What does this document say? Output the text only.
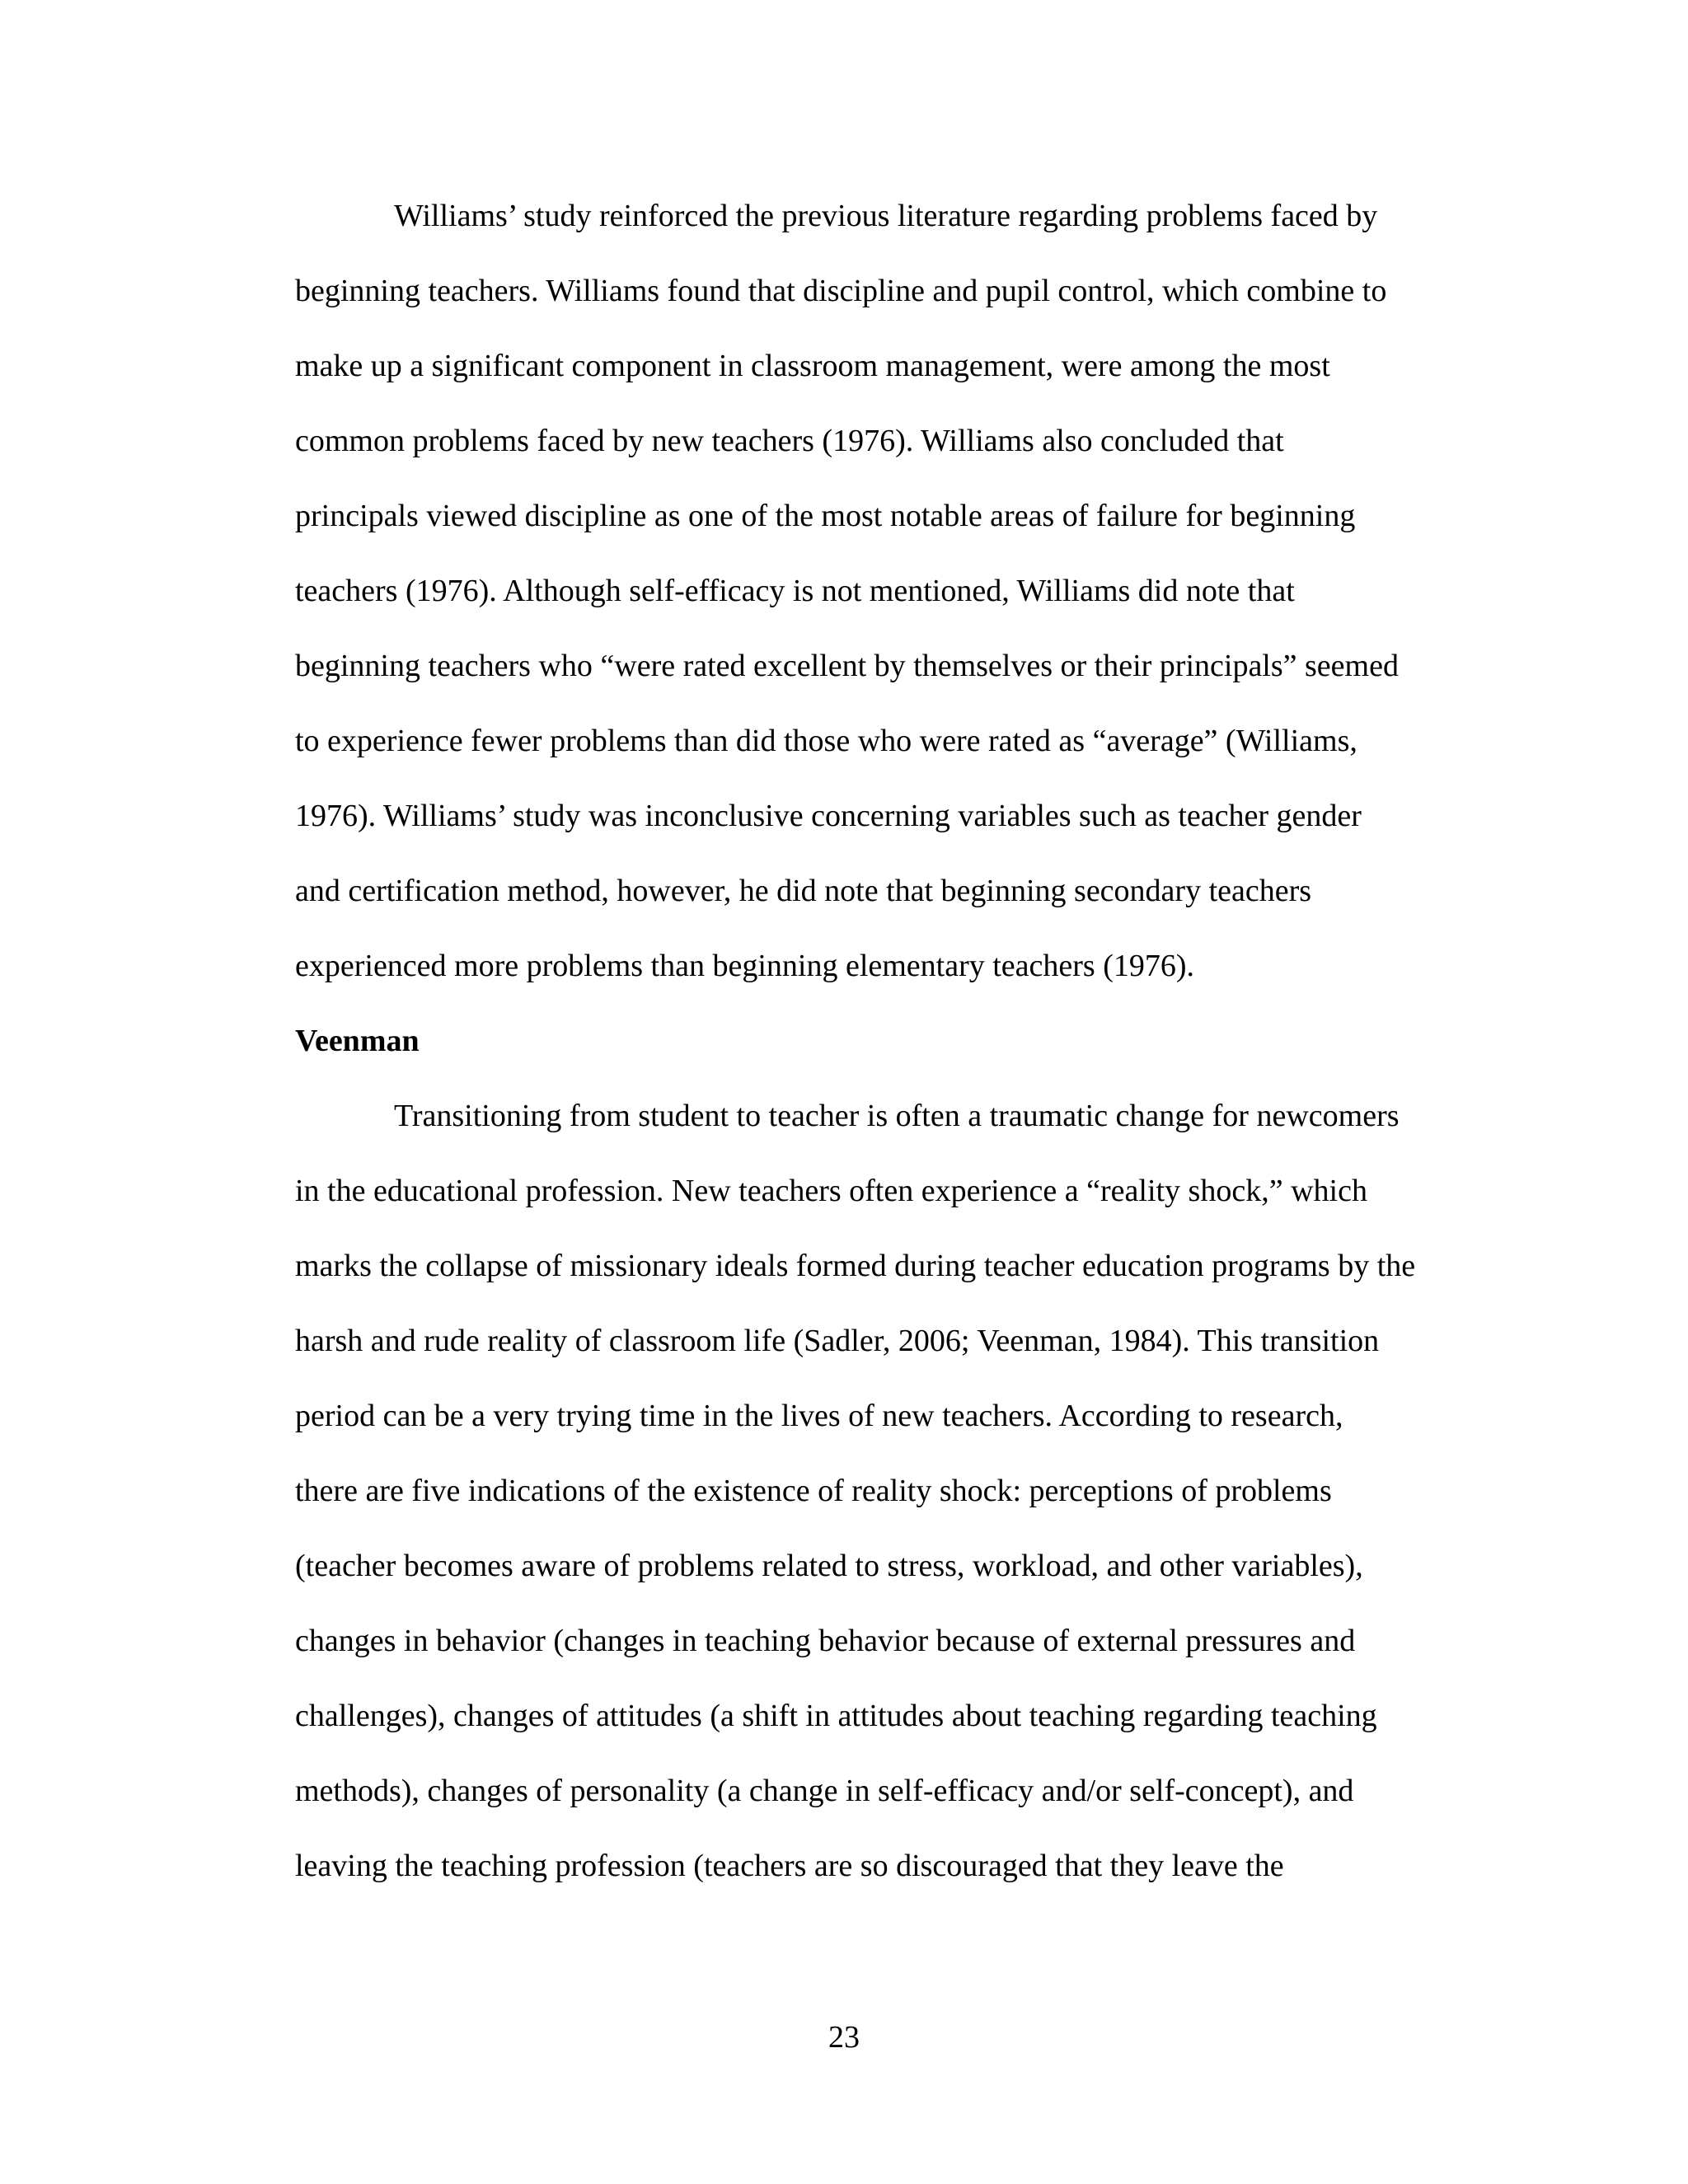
Williams’ study reinforced the previous literature regarding problems faced by
beginning teachers. Williams found that discipline and pupil control, which combine to
make up a significant component in classroom management, were among the most
common problems faced by new teachers (1976). Williams also concluded that
principals viewed discipline as one of the most notable areas of failure for beginning
teachers (1976). Although self-efficacy is not mentioned, Williams did note that
beginning teachers who “were rated excellent by themselves or their principals” seemed
to experience fewer problems than did those who were rated as “average” (Williams,
1976). Williams’ study was inconclusive concerning variables such as teacher gender
and certification method, however, he did note that beginning secondary teachers
experienced more problems than beginning elementary teachers (1976).
Veenman
Transitioning from student to teacher is often a traumatic change for newcomers
in the educational profession. New teachers often experience a “reality shock,” which
marks the collapse of missionary ideals formed during teacher education programs by the
harsh and rude reality of classroom life (Sadler, 2006; Veenman, 1984). This transition
period can be a very trying time in the lives of new teachers. According to research,
there are five indications of the existence of reality shock: perceptions of problems
(teacher becomes aware of problems related to stress, workload, and other variables),
changes in behavior (changes in teaching behavior because of external pressures and
challenges), changes of attitudes (a shift in attitudes about teaching regarding teaching
methods), changes of personality (a change in self-efficacy and/or self-concept), and
leaving the teaching profession (teachers are so discouraged that they leave the
23
